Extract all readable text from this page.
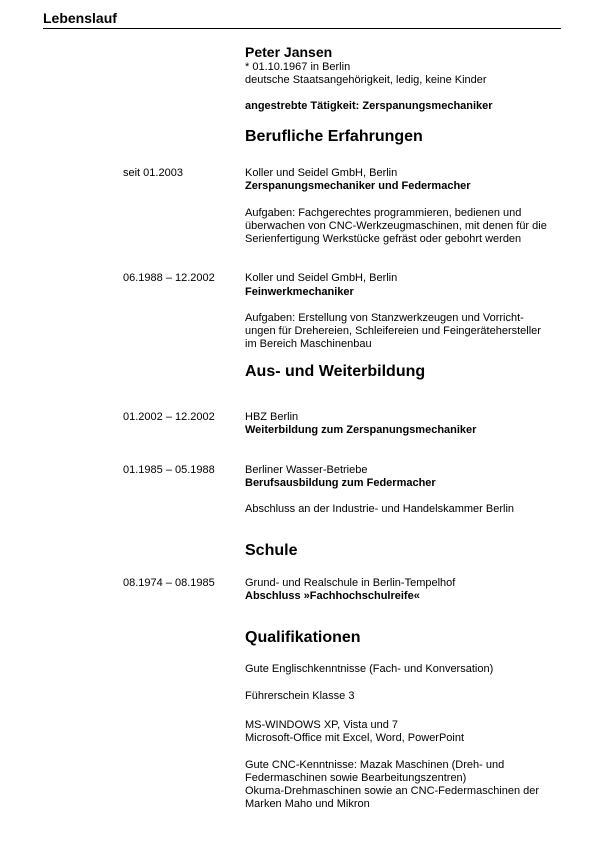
Lebenslauf
Peter Jansen
* 01.10.1967 in Berlin
deutsche Staatsangehörigkeit, ledig, keine Kinder
angestrebte Tätigkeit: Zerspanungsmechaniker
Berufliche Erfahrungen
seit 01.2003	Koller und Seidel GmbH, Berlin
Zerspanungsmechaniker und Federmacher
Aufgaben: Fachgerechtes programmieren, bedienen und
überwachen von CNC-Werkzeugmaschinen, mit denen für die
Serienfertigung Werkstücke gefräst oder gebohrt werden
06.1988 – 12.2002	Koller und Seidel GmbH, Berlin
Feinwerkmechaniker
Aufgaben: Erstellung von Stanzwerkzeugen und Vorricht-
ungen für Drehereien, Schleifereien und Feingerätehersteller
im Bereich Maschinenbau
Aus- und Weiterbildung
01.2002 – 12.2002	HBZ Berlin
Weiterbildung zum Zerspanungsmechaniker
01.1985 – 05.1988	Berliner Wasser-Betriebe
Berufsausbildung zum Federmacher
Abschluss an der Industrie- und Handelskammer Berlin
Schule
08.1974 – 08.1985	Grund- und Realschule in Berlin-Tempelhof
Abschluss »Fachhochschulreife«
Qualifikationen
Gute Englischkenntnisse (Fach- und Konversation)
Führerschein Klasse 3
MS-WINDOWS XP, Vista und 7
Microsoft-Office mit Excel, Word, PowerPoint
Gute CNC-Kenntnisse: Mazak Maschinen (Dreh- und
Federmaschinen sowie Bearbeitungszentren)
Okuma-Drehmaschinen sowie an CNC-Federmaschinen der
Marken Maho und Mikron
